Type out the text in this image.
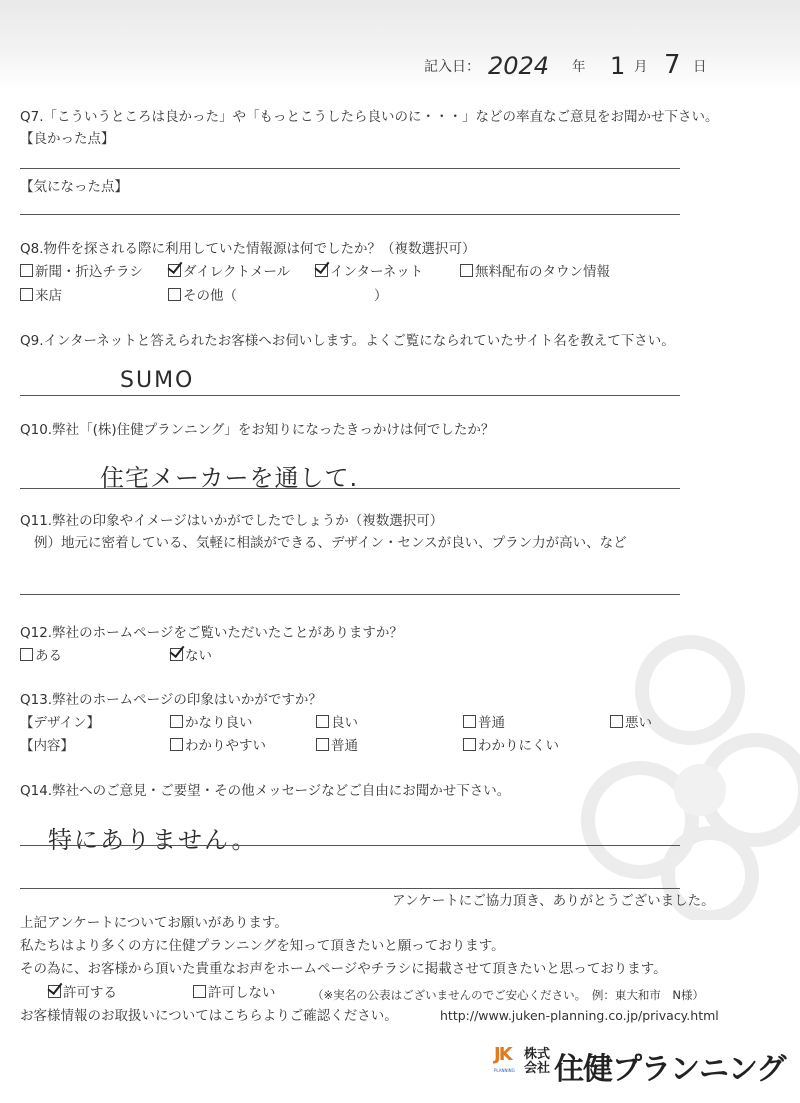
記入日： 2024 年 1 月 7 日
Q7.「こういうところは良かった」や「もっとこうしたら良いのに・・・」などの率直なご意見をお聞かせ下さい。
【良かった点】
【気になった点】
Q8.物件を探される際に利用していた情報源は何でしたか？（複数選択可）
新聞・折込チラシ	ダイレクトメール	インターネット	無料配布のタウン情報
来店	その他（	）
Q9.インターネットと答えられたお客様へお伺いします。よくご覧になられていたサイト名を教えて下さい。
SUMO
Q10.弊社「(株)住健プランニング」をお知りになったきっかけは何でしたか？
住宅メーカーを通して.
Q11.弊社の印象やイメージはいかがでしたでしょうか（複数選択可）
例）地元に密着している、気軽に相談ができる、デザイン・センスが良い、プラン力が高い、など
Q12.弊社のホームページをご覧いただいたことがありますか？
ある	ない
Q13.弊社のホームページの印象はいかがですか？
【デザイン】	かなり良い	良い	普通	悪い
【内容】	わかりやすい	普通	わかりにくい
Q14.弊社へのご意見・ご要望・その他メッセージなどご自由にお聞かせ下さい。
特にありません。
アンケートにご協力頂き、ありがとうございました。
上記アンケートについてお願いがあります。
私たちはより多くの方に住健プランニングを知って頂きたいと願っております。
その為に、お客様から頂いた貴重なお声をホームページやチラシに掲載させて頂きたいと思っております。
許可する	許可しない	（※実名の公表はございませんのでご安心ください。　例：東大和市　N様）
お客様情報のお取扱いについてはこちらよりご確認ください。	http://www.juken-planning.co.jp/privacy.html
JK
PLANNING
株式
会社 住健プランニング
